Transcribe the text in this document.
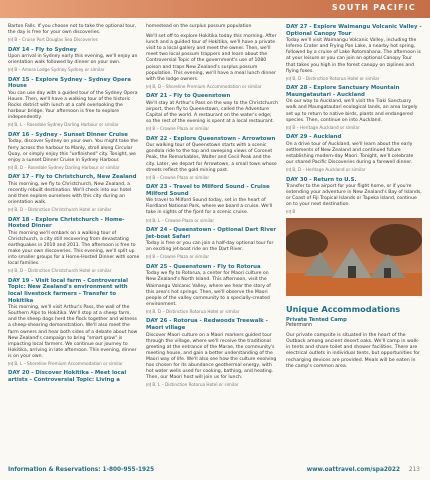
SOUTH PACIFIC
Barton Falls. If you choose not to take the optional tour, the day is free for your own discoveries.
🍽 B – Cruise Port Douglas Sea Discoveries
DAY 14 - Fly to Sydney
Upon arrival in Sydney early this evening, we'll enjoy an orientation walk followed by dinner on your own.
🍽 B – Amora Lodge Sydney Sydney or similar
DAY 15 - Explore Sydney - Sydney Opera House
You can use day with a guided tour of the Sydney Opera House. Then, we'll have a walking tour of the historic Rocks district with lunch at a café overlooking the harbour bridge. Your afternoon is free to explore independently.
🍽 B, L – Rosedale Sydney Darling Harbour or similar
DAY 16 - Sydney - Sunset Dinner Cruise
Today, discover Sydney on your own. You might take the ferry across the harbour to Manly, stroll along Circular Quay, or simply enjoy this "unfinished" city. Tonight, we enjoy a sunset Dinner Cruise in Sydney Harbour.
🍽 B, D – Rosedale Sydney Darling Harbour or similar
DAY 17 - Fly to Christchurch, New Zealand
This morning, we fly to Christchurch, New Zealand, a recently rebuilt destination. We'll check into our hotel and then explore ourselves with this city during an orientation walk.
🍽 B, D – Distinction Christchurch Hotel or similar
DAY 18 - Explore Christchurch - Home-Hosted Dinner
This morning we'll embark on a walking tour of Christchurch, a city still recovering from devastating earthquakes in 2010 and 2011. The afternoon is free to make your own discoveries. This evening, we'll split up into smaller groups for a Home-Hosted Dinner with some local families.
🍽 B, D – Distinction Christchurch Hotel or similar
DAY 19 - Visit local farm - Controversial Topic: New Zealand's environment with local livestock farmers - Transfer to Hokitika
This morning, we'll visit Arthur's Pass, the wall of the Southern Alps to Hokitika. We'll stop at a sheep farm, and the sheep dogs herd the flock together and witness a sheep-shearing demonstration. We'll also meet the farm owners and hear both sides of a debate about how New Zealand's campaign to bring "smart grow" is impacting local farmers. We continue our journey to Hokitika, arriving in late afternoon. This evening, dinner is on your own.
🍽 B, L – Shoreline Premium Accommodation or similar
DAY 20 - Discover Hokitika - Meet local artists - Controversial Topic: Living a
homestead on the surplus possum population
We'll set off to explore Hokitika today this morning. After lunch and a guided tour of Hokitika, we'll have a private visit to a local gallery and meet the owner. Then, we'll meet two local possum trappers and learn about the Controversial Topic of the government's use of 1080 poison and traps New Zealand's surplus possum population. This evening, we'll have a meal lunch dinner with the lodge owners.
🍽 B, D – Shoreline Premium Accommodation or similar
DAY 21 - Fly to Queenstown
We'll stay at Arthur's Pass on the way to the Christchurch airport, then fly to Queenstown, called the Adventure Capital of the world. A restaurant on the water's edge; so the rest of the evening is spent at a local restaurant.
🍽 B – Crowne Plaza or similar
DAY 22 - Explore Queenstown - Arrowtown
Our walking tour of Queenstown starts with a scenic gondola ride to the top and sweeping views of Coronet Peak, the Remarkables, Walter and Cecil Peak and the city. Later, we depart for Arrowtown, a small town whose streets reflect the gold mining past.
🍽 B – Crowne Plaza or similar
DAY 23 - Travel to Milford Sound - Cruise Milford Sound
We travel to Milford Sound today, set in the heart of Fiordland National Park, where we board a cruise. We'll take in sights of the fjord for a scenic cruise.
🍽 B, L – Crowne Plaza or similar
DAY 24 - Queenstown - Optional Dart River Jet-boat Safari
Today is free or you can join a half-day optional tour for an exciting jet-boat ride on the Dart River.
🍽 B – Crowne Plaza or similar
DAY 25 - Queenstown - Fly to Rotorua
Today we fly to Rotorua, a center for Maori culture on New Zealand's North Island. This afternoon, visit the Waimangu Volcanic Valley, where we hear the story of this area's hot springs. Then, we'll observe the Maori people of the valley community to a specially-created environment.
🍽 B, D – Distinction Rotorua Hotel or similar
DAY 26 - Rotorua - Redwoods Treewalk - Maori village
Discover Maori culture on a Maori markers guided tour through the village, where we'll receive the traditional greeting at the entrance of the Marae, the community's meeting house, and gain a better understanding of the Maori way of life. We'll also see how the culture evolving has chosen for its abundance geothermal energy, with hot water wells used for cooking, bathing, and heating. Then, our Maori host will join us for lunch.
🍽 B, L – Distinction Rotorua Hotel or similar
DAY 27 - Explore Waimangu Volcanic Valley - Optional Canopy Tour
Today we'll visit Waimangu Volcanic Valley, including the Inferno Crater and Frying Pan Lake, a nearby hot spring, followed by a cruise of Lake Rotomahana. The afternoon is at your leisure or you can join an optional Canopy Tour that takes you high in the forest canopy on ziplines and flying foxes.
🍽 B, D – Distinction Rotorua Hotel or similar
DAY 28 - Explore Sanctuary Mountain Maungatautari - Auckland
On our way to Auckland, we'll visit the Tiaki Sanctuary walk and Maungatautari ecological lands, an area largely set up to return to native birds, plants and endangered species. Then, continue on into Auckland.
🍽 B – Heritage Auckland or similar
DAY 29 - Auckland
On a drive tour of Auckland, we'll learn about the early settlements of New Zealand and continued future establishing modern-day Maori. Tonight, we'll celebrate our shared Pacific Discoveries during a farewell dinner.
🍽 B, D – Heritage Auckland or similar
DAY 30 - Return to U.S.
Transfer to the airport for your flight home, or if you're extending your adventure in New Zealand's Bay of Islands, or Coast of Fiji Tropical Islands or Tapeka Island, continue on to your next destination.
🍽 B
Unique Accommodations
Private Tented Camp
Petermann
Our private campsite is situated in the heart of the Outback among ancient desert oaks. We'll camp in walk-in tents and share toilet and shower facilities. There are electrical outlets in individual tents, but opportunities for recharging devices are provided. Meals will be eaten in the camp's common area.
Information & Reservations: 1-800-955-1925	www.oattravel.com/spa2022 213
